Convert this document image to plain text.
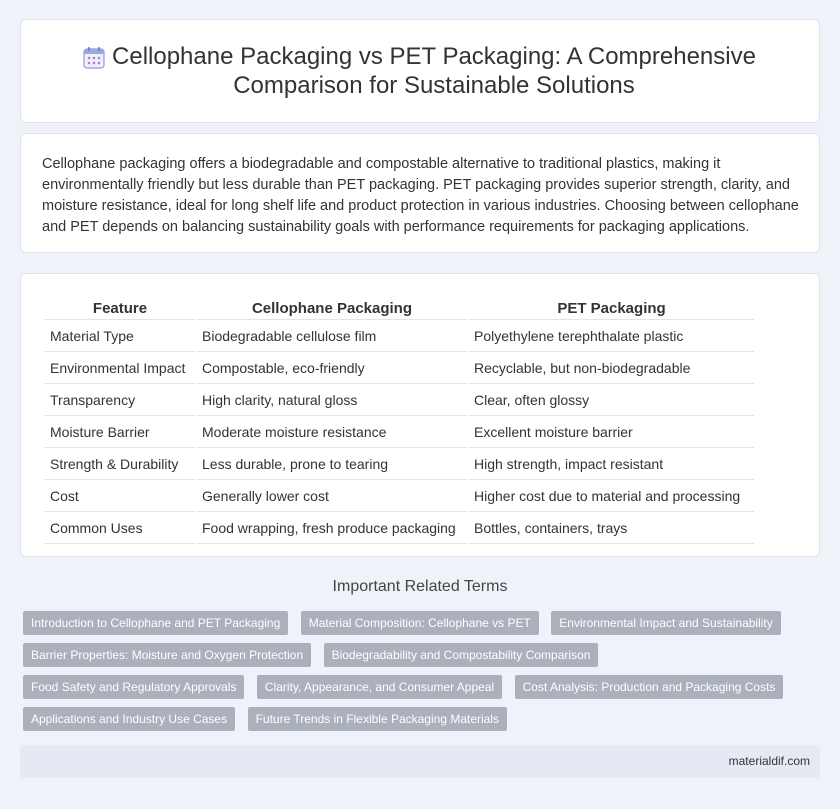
Cellophane Packaging vs PET Packaging: A Comprehensive Comparison for Sustainable Solutions

Cellophane packaging offers a biodegradable and compostable alternative to traditional plastics, making it environmentally friendly but less durable than PET packaging. PET packaging provides superior strength, clarity, and moisture resistance, ideal for long shelf life and product protection in various industries. Choosing between cellophane and PET depends on balancing sustainability goals with performance requirements for packaging applications.

Feature	Cellophane Packaging	PET Packaging
Material Type	Biodegradable cellulose film	Polyethylene terephthalate plastic
Environmental Impact	Compostable, eco-friendly	Recyclable, but non-biodegradable
Transparency	High clarity, natural gloss	Clear, often glossy
Moisture Barrier	Moderate moisture resistance	Excellent moisture barrier
Strength & Durability	Less durable, prone to tearing	High strength, impact resistant
Cost	Generally lower cost	Higher cost due to material and processing
Common Uses	Food wrapping, fresh produce packaging	Bottles, containers, trays
Important Related Terms
Introduction to Cellophane and PET Packaging Material Composition: Cellophane vs PET Environmental Impact and Sustainability Barrier Properties: Moisture and Oxygen Protection Biodegradability and Compostability Comparison Food Safety and Regulatory Approvals Clarity, Appearance, and Consumer Appeal Cost Analysis: Production and Packaging Costs Applications and Industry Use Cases Future Trends in Flexible Packaging Materials
materialdif.com
